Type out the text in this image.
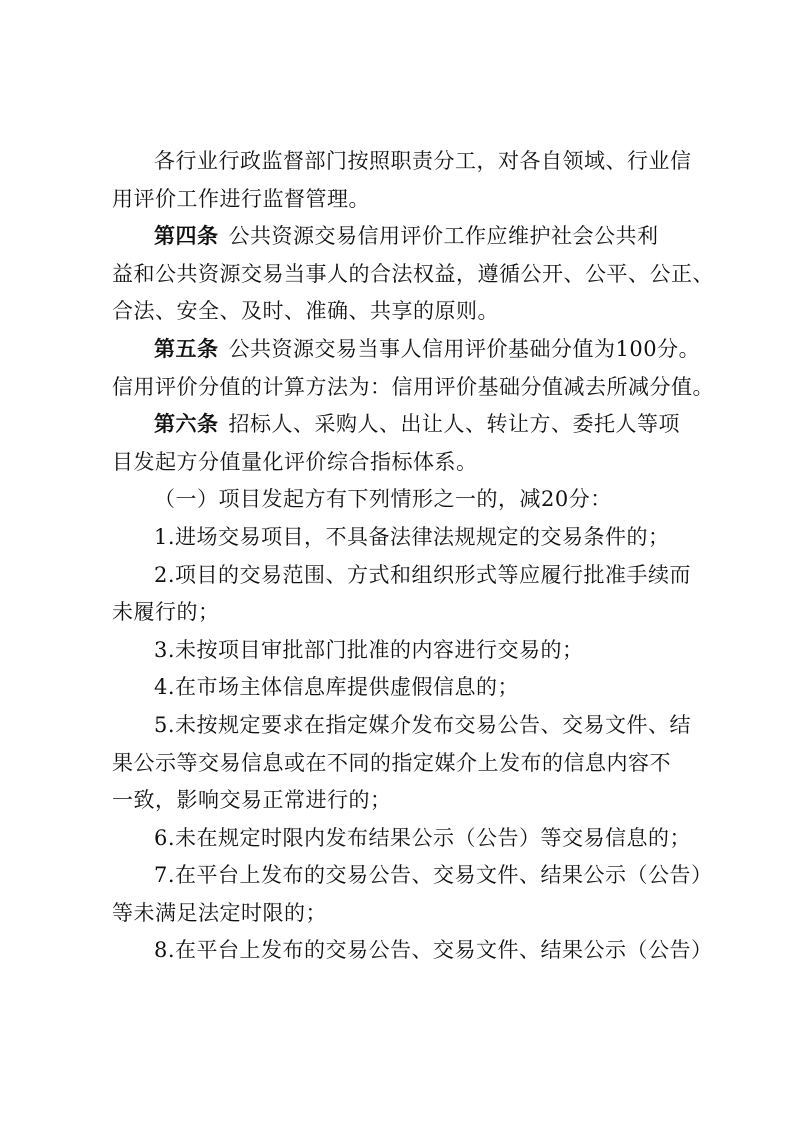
各行业行政监督部门按照职责分工，对各自领域、行业信

用评价工作进行监督管理。

第四条 公共资源交易信用评价工作应维护社会公共利

益和公共资源交易当事人的合法权益，遵循公开、公平、公正、

合法、安全、及时、准确、共享的原则。

第五条 公共资源交易当事人信用评价基础分值为100分。

信用评价分值的计算方法为：信用评价基础分值减去所减分值。

第六条 招标人、采购人、出让人、转让方、委托人等项

目发起方分值量化评价综合指标体系。

（一）项目发起方有下列情形之一的，减20分：

1.进场交易项目，不具备法律法规规定的交易条件的；

2.项目的交易范围、方式和组织形式等应履行批准手续而

未履行的；

3.未按项目审批部门批准的内容进行交易的；

4.在市场主体信息库提供虚假信息的；

5.未按规定要求在指定媒介发布交易公告、交易文件、结

果公示等交易信息或在不同的指定媒介上发布的信息内容不

一致，影响交易正常进行的；

6.未在规定时限内发布结果公示（公告）等交易信息的；

7.在平台上发布的交易公告、交易文件、结果公示（公告）

等未满足法定时限的；

8.在平台上发布的交易公告、交易文件、结果公示（公告）
